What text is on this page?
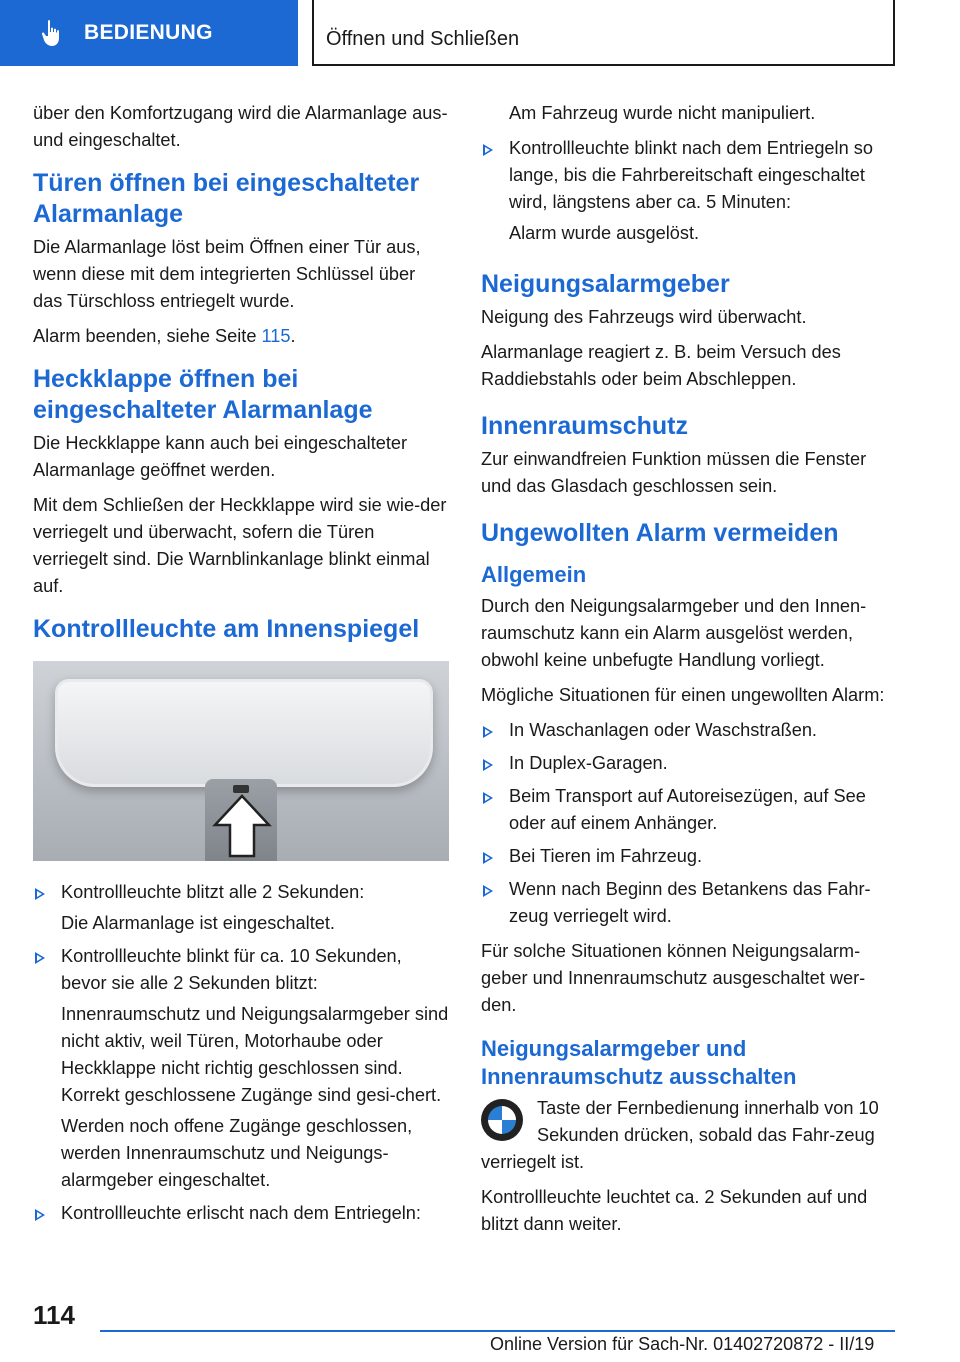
BEDIENUNG	Öffnen und Schließen

über den Komfortzugang wird die Alarmanlage aus- und eingeschaltet.

Türen öffnen bei eingeschalteter Alarmanlage

Die Alarmanlage löst beim Öffnen einer Tür aus, wenn diese mit dem integrierten Schlüssel über das Türschloss entriegelt wurde.

Alarm beenden, siehe Seite 115.

Heckklappe öffnen bei eingeschalteter Alarmanlage

Die Heckklappe kann auch bei eingeschalteter Alarmanlage geöffnet werden.

Mit dem Schließen der Heckklappe wird sie wie-der verriegelt und überwacht, sofern die Türen verriegelt sind. Die Warnblinkanlage blinkt einmal auf.

Kontrollleuchte am Innenspiegel
Kontrollleuchte blitzt alle 2 Sekunden:
Die Alarmanlage ist eingeschaltet.
Kontrollleuchte blinkt für ca. 10 Sekunden, bevor sie alle 2 Sekunden blitzt:
Innenraumschutz und Neigungsalarmgeber sind nicht aktiv, weil Türen, Motorhaube oder Heckklappe nicht richtig geschlossen sind. Korrekt geschlossene Zugänge sind gesi-chert.
Werden noch offene Zugänge geschlossen, werden Innenraumschutz und Neigungs-alarmgeber eingeschaltet.
Kontrollleuchte erlischt nach dem Entriegeln:

Am Fahrzeug wurde nicht manipuliert.

Kontrollleuchte blinkt nach dem Entriegeln so lange, bis die Fahrbereitschaft eingeschaltet wird, längstens aber ca. 5 Minuten:
Alarm wurde ausgelöst.
Neigungsalarmgeber

Neigung des Fahrzeugs wird überwacht.

Alarmanlage reagiert z. B. beim Versuch des Raddiebstahls oder beim Abschleppen.

Innenraumschutz

Zur einwandfreien Funktion müssen die Fenster und das Glasdach geschlossen sein.

Ungewollten Alarm vermeiden
Allgemein

Durch den Neigungsalarmgeber und den Innen-raumschutz kann ein Alarm ausgelöst werden, obwohl keine unbefugte Handlung vorliegt.

Mögliche Situationen für einen ungewollten Alarm:

In Waschanlagen oder Waschstraßen.
In Duplex-Garagen.
Beim Transport auf Autoreisezügen, auf See oder auf einem Anhänger.
Bei Tieren im Fahrzeug.
Wenn nach Beginn des Betankens das Fahr-zeug verriegelt wird.

Für solche Situationen können Neigungsalarm-geber und Innenraumschutz ausgeschaltet wer-den.

Neigungsalarmgeber und Innenraumschutz ausschalten

Taste der Fernbedienung innerhalb von 10 Sekunden drücken, sobald das Fahr-zeug verriegelt ist.

Kontrollleuchte leuchtet ca. 2 Sekunden auf und blitzt dann weiter.

114
Online Version für Sach-Nr. 01402720872 - II/19
